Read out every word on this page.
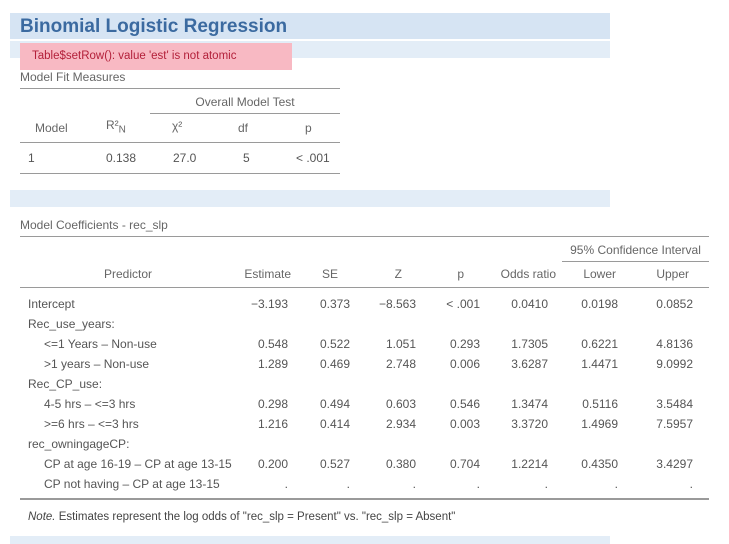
Binomial Logistic Regression
Table$setRow(): value 'est' is not atomic
Model Fit Measures
Overall Model Test
Model	$R^2_N$	χ²	df	p
1	0.138	27.0	5	< .001
Model Coefficients - rec_slp
95% Confidence Interval
Predictor	Estimate	SE	Z	p	Odds ratio	Lower	Upper
Intercept	−3.193	0.373	−8.563	< .001	0.0410	0.0198	0.0852
Rec_use_years:
<=1 Years – Non-use	0.548	0.522	1.051	0.293	1.7305	0.6221	4.8136
>1 years – Non-use	1.289	0.469	2.748	0.006	3.6287	1.4471	9.0992
Rec_CP_use:
4-5 hrs – <=3 hrs	0.298	0.494	0.603	0.546	1.3474	0.5116	3.5484
>=6 hrs – <=3 hrs	1.216	0.414	2.934	0.003	3.3720	1.4969	7.5957
rec_owningageCP:
CP at age 16-19 – CP at age 13-15	0.200	0.527	0.380	0.704	1.2214	0.4350	3.4297
CP not having – CP at age 13-15	.	.	.	.	.	.	.
Note. Estimates represent the log odds of "rec_slp = Present" vs. "rec_slp = Absent"
